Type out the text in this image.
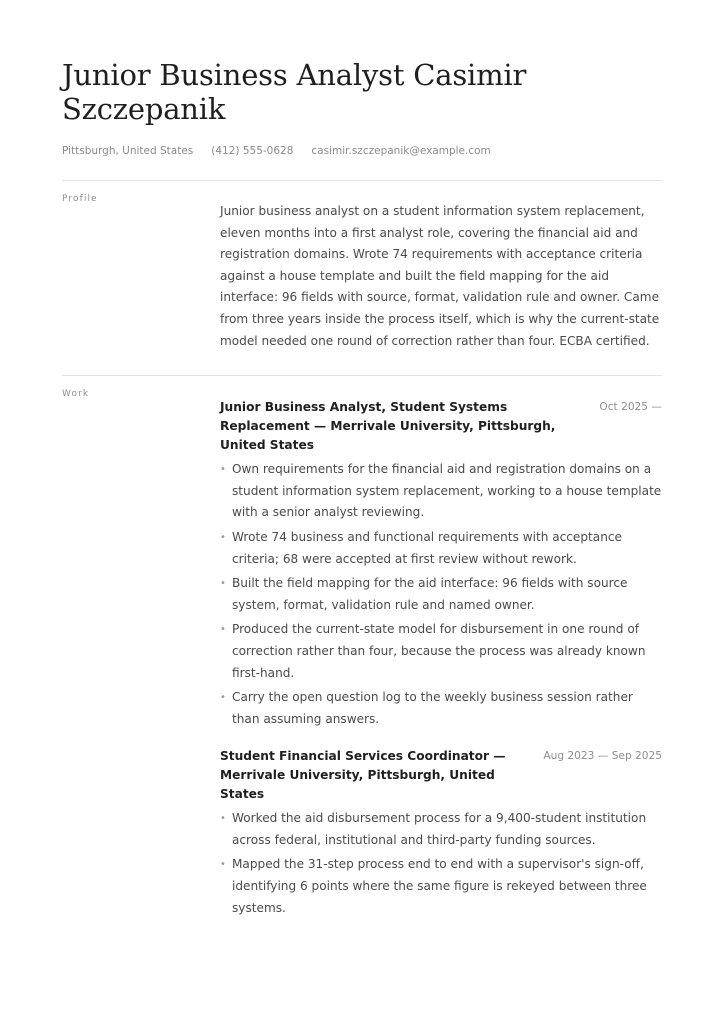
Junior Business Analyst Casimir Szczepanik
Pittsburgh, United States (412) 555-0628 casimir.szczepanik@example.com
Profile

Junior business analyst on a student information system replacement, eleven months into a first analyst role, covering the financial aid and registration domains. Wrote 74 requirements with acceptance criteria against a house template and built the field mapping for the aid interface: 96 fields with source, format, validation rule and owner. Came from three years inside the process itself, which is why the current-state model needed one round of correction rather than four. ECBA certified.

Work
Junior Business Analyst, Student Systems Replacement — Merrivale University, Pittsburgh, United States
Oct 2025 —
• Own requirements for the financial aid and registration domains on a student information system replacement, working to a house template with a senior analyst reviewing.
• Wrote 74 business and functional requirements with acceptance criteria; 68 were accepted at first review without rework.
• Built the field mapping for the aid interface: 96 fields with source system, format, validation rule and named owner.
• Produced the current-state model for disbursement in one round of correction rather than four, because the process was already known first-hand.
• Carry the open question log to the weekly business session rather than assuming answers.
Student Financial Services Coordinator — Merrivale University, Pittsburgh, United States
Aug 2023 — Sep 2025
• Worked the aid disbursement process for a 9,400-student institution across federal, institutional and third-party funding sources.
• Mapped the 31-step process end to end with a supervisor's sign-off, identifying 6 points where the same figure is rekeyed between three systems.
